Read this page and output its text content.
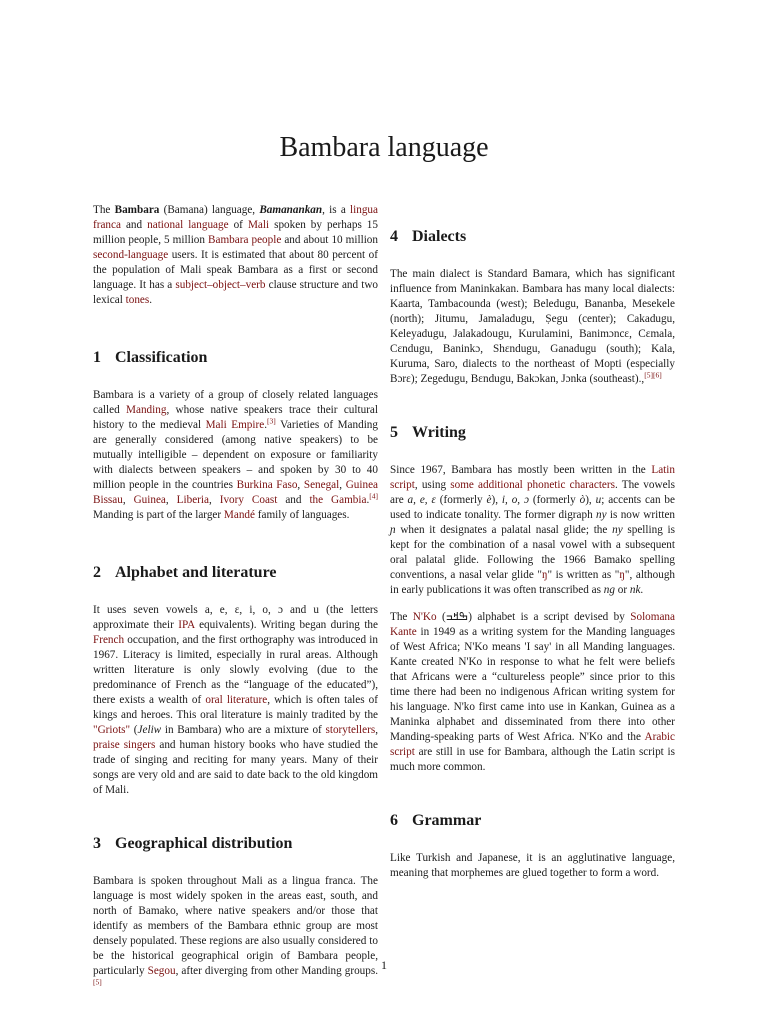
Bambara language

The Bambara (Bamana) language, Bamanankan, is a lingua franca and national language of Mali spoken by perhaps 15 million people, 5 million Bambara people and about 10 million second-language users. It is estimated that about 80 percent of the population of Mali speak Bambara as a first or second language. It has a subject–object–verb clause structure and two lexical tones.

1 Classification

Bambara is a variety of a group of closely related languages called Manding, whose native speakers trace their cultural history to the medieval Mali Empire.[3] Varieties of Manding are generally considered (among native speakers) to be mutually intelligible – dependent on exposure or familiarity with dialects between speakers – and spoken by 30 to 40 million people in the countries Burkina Faso, Senegal, Guinea Bissau, Guinea, Liberia, Ivory Coast and the Gambia.[4] Manding is part of the larger Mandé family of languages.

2 Alphabet and literature

It uses seven vowels a, e, ɛ, i, o, ɔ and u (the letters approximate their IPA equivalents). Writing began during the French occupation, and the first orthography was introduced in 1967. Literacy is limited, especially in rural areas. Although written literature is only slowly evolving (due to the predominance of French as the “language of the educated”), there exists a wealth of oral literature, which is often tales of kings and heroes. This oral literature is mainly tradited by the "Griots" (Jeliw in Bambara) who are a mixture of storytellers, praise singers and human history books who have studied the trade of singing and reciting for many years. Many of their songs are very old and are said to date back to the old kingdom of Mali.

3 Geographical distribution

Bambara is spoken throughout Mali as a lingua franca. The language is most widely spoken in the areas east, south, and north of Bamako, where native speakers and/or those that identify as members of the Bambara ethnic group are most densely populated. These regions are also usually considered to be the historical geographical origin of Bambara people, particularly Segou, after diverging from other Manding groups.[5]

4 Dialects

The main dialect is Standard Bamara, which has significant influence from Maninkakan. Bambara has many local dialects: Kaarta, Tambacounda (west); Beledugu, Bananba, Mesekele (north); Jitumu, Jamaladugu, Ṣegu (center); Cakadugu, Keleyadugu, Jalakadougu, Kurulamini, Banimɔncɛ, Cɛmala, Cɛndugu, Baninkɔ, Shɛndugu, Ganadugu (south); Kala, Kuruma, Saro, dialects to the northeast of Mopti (especially Bɔrɛ); Zegedugu, Bɛndugu, Bakɔkan, Jɔnka (southeast).,[5][6]

5 Writing

Since 1967, Bambara has mostly been written in the Latin script, using some additional phonetic characters. The vowels are a, e, ɛ (formerly è), i, o, ɔ (formerly ò), u; accents can be used to indicate tonality. The former digraph ny is now written ɲ when it designates a palatal nasal glide; the ny spelling is kept for the combination of a nasal vowel with a subsequent oral palatal glide. Following the 1966 Bamako spelling conventions, a nasal velar glide "ŋ" is written as "ŋ", although in early publications it was often transcribed as ng or nk.

The N'Ko (ߒߞߏ) alphabet is a script devised by Solomana Kante in 1949 as a writing system for the Manding languages of West Africa; N'Ko means 'I say' in all Manding languages. Kante created N'Ko in response to what he felt were beliefs that Africans were a “cultureless people” since prior to this time there had been no indigenous African writing system for his language. N'ko first came into use in Kankan, Guinea as a Maninka alphabet and disseminated from there into other Manding-speaking parts of West Africa. N'Ko and the Arabic script are still in use for Bambara, although the Latin script is much more common.

6 Grammar

Like Turkish and Japanese, it is an agglutinative language, meaning that morphemes are glued together to form a word.

1
